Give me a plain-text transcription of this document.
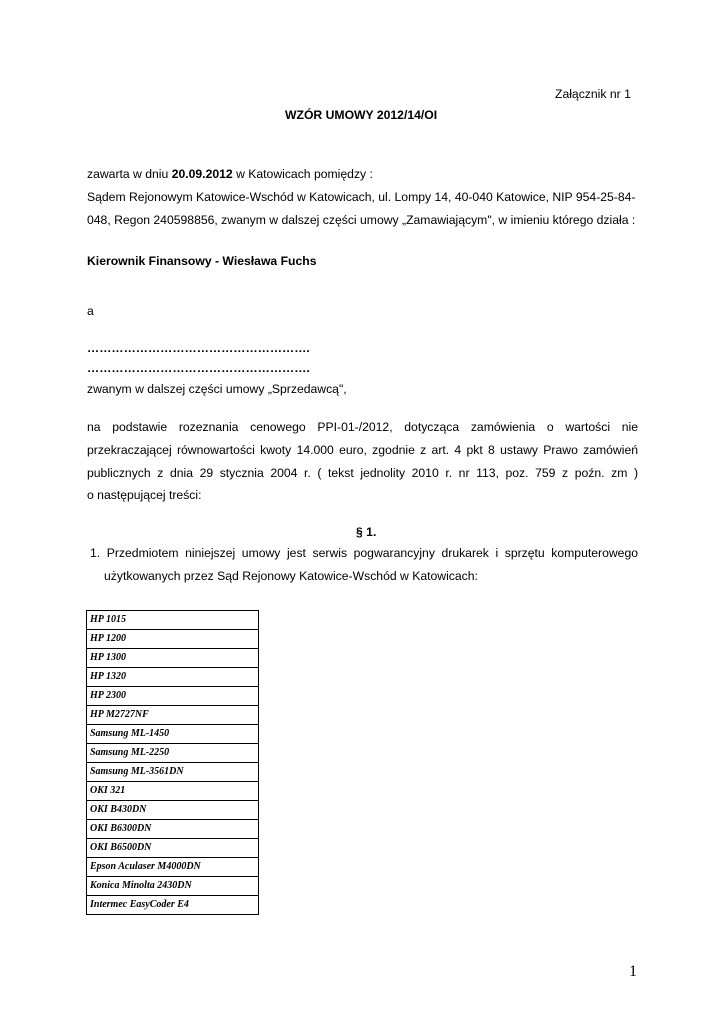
Załącznik nr 1
WZÓR UMOWY 2012/14/OI
zawarta w dniu 20.09.2012 w Katowicach pomiędzy :
Sądem Rejonowym Katowice-Wschód w Katowicach, ul. Lompy 14, 40-040 Katowice, NIP 954-25-84-
048, Regon 240598856, zwanym w dalszej części umowy „Zamawiającym", w imieniu którego działa :
Kierownik Finansowy - Wiesława Fuchs
a
……………………………………………….
……………………………………………….
zwanym w dalszej części umowy „Sprzedawcą",
na podstawie rozeznania cenowego PPI-01-/2012, dotycząca zamówienia o wartości nie
przekraczającej równowartości kwoty 14.000 euro, zgodnie z art. 4 pkt 8 ustawy Prawo zamówień
publicznych z dnia 29 stycznia 2004 r. ( tekst jednolity 2010 r. nr 113, poz. 759 z poźn. zm )
o następującej treści:
§ 1.
1. Przedmiotem niniejszej umowy jest serwis pogwarancyjny drukarek i sprzętu komputerowego
użytkowanych przez Sąd Rejonowy Katowice-Wschód w Katowicach:
HP 1015
HP 1200
HP 1300
HP 1320
HP 2300
HP M2727NF
Samsung ML-1450
Samsung ML-2250
Samsung ML-3561DN
OKI 321
OKI B430DN
OKI B6300DN
OKI B6500DN
Epson Aculaser M4000DN
Konica Minolta 2430DN
Intermec EasyCoder E4
1
